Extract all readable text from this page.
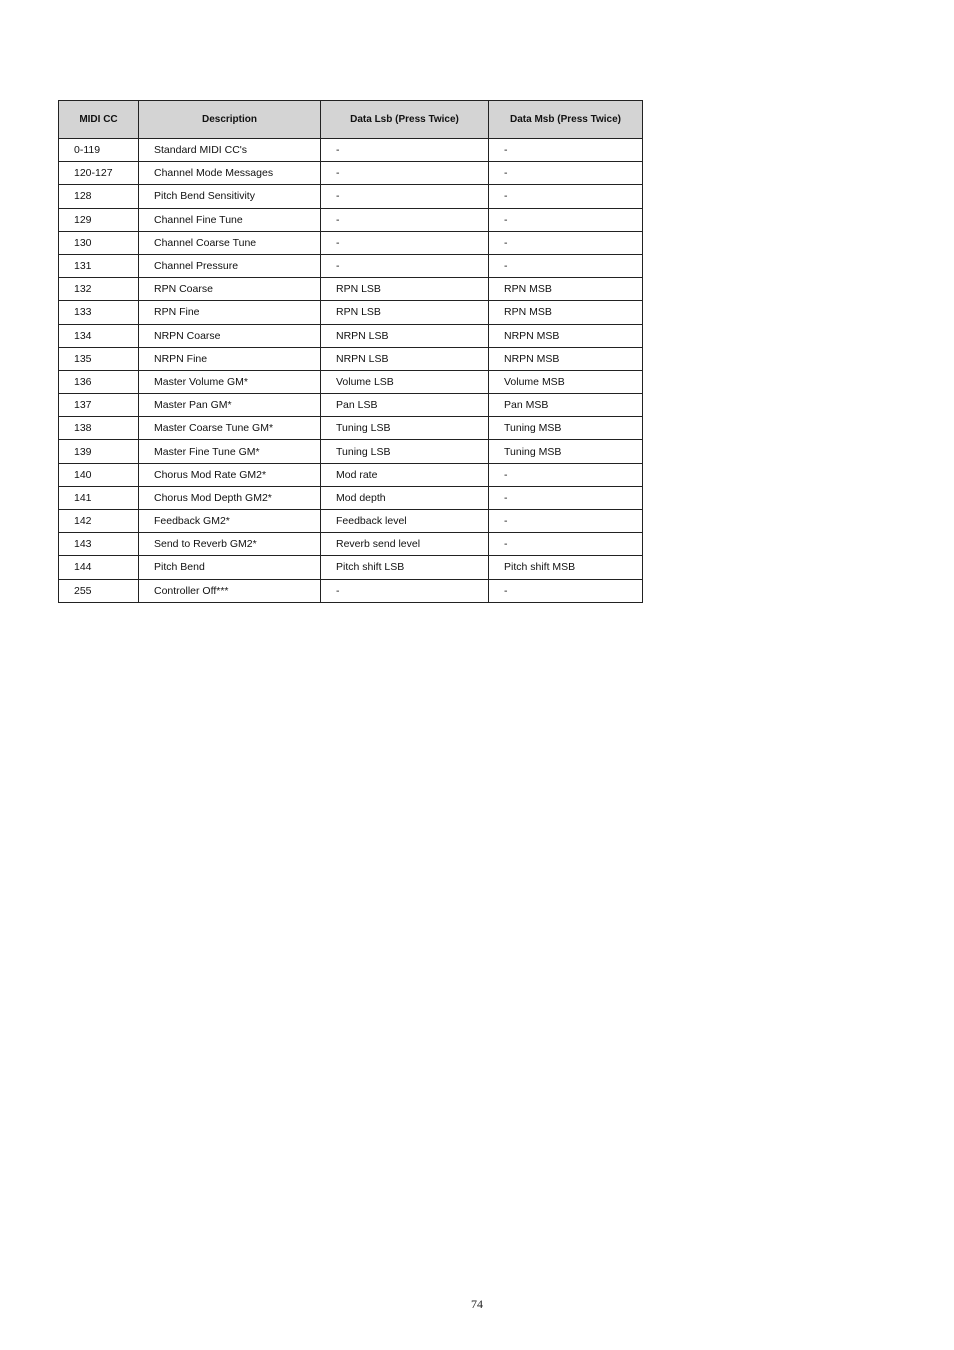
MIDI CC	Description	Data Lsb (Press Twice)	Data Msb (Press Twice)
0-119	Standard MIDI CC's	-	-
120-127	Channel Mode Messages	-	-
128	Pitch Bend Sensitivity	-	-
129	Channel Fine Tune	-	-
130	Channel Coarse Tune	-	-
131	Channel Pressure	-	-
132	RPN Coarse	RPN LSB	RPN MSB
133	RPN Fine	RPN LSB	RPN MSB
134	NRPN Coarse	NRPN LSB	NRPN MSB
135	NRPN Fine	NRPN LSB	NRPN MSB
136	Master Volume GM*	Volume LSB	Volume MSB
137	Master Pan GM*	Pan LSB	Pan MSB
138	Master Coarse Tune GM*	Tuning LSB	Tuning MSB
139	Master Fine Tune GM*	Tuning LSB	Tuning MSB
140	Chorus Mod Rate GM2*	Mod rate	-
141	Chorus Mod Depth GM2*	Mod depth	-
142	Feedback GM2*	Feedback level	-
143	Send to Reverb GM2*	Reverb send level	-
144	Pitch Bend	Pitch shift LSB	Pitch shift MSB
255	Controller Off***	-	-
74
